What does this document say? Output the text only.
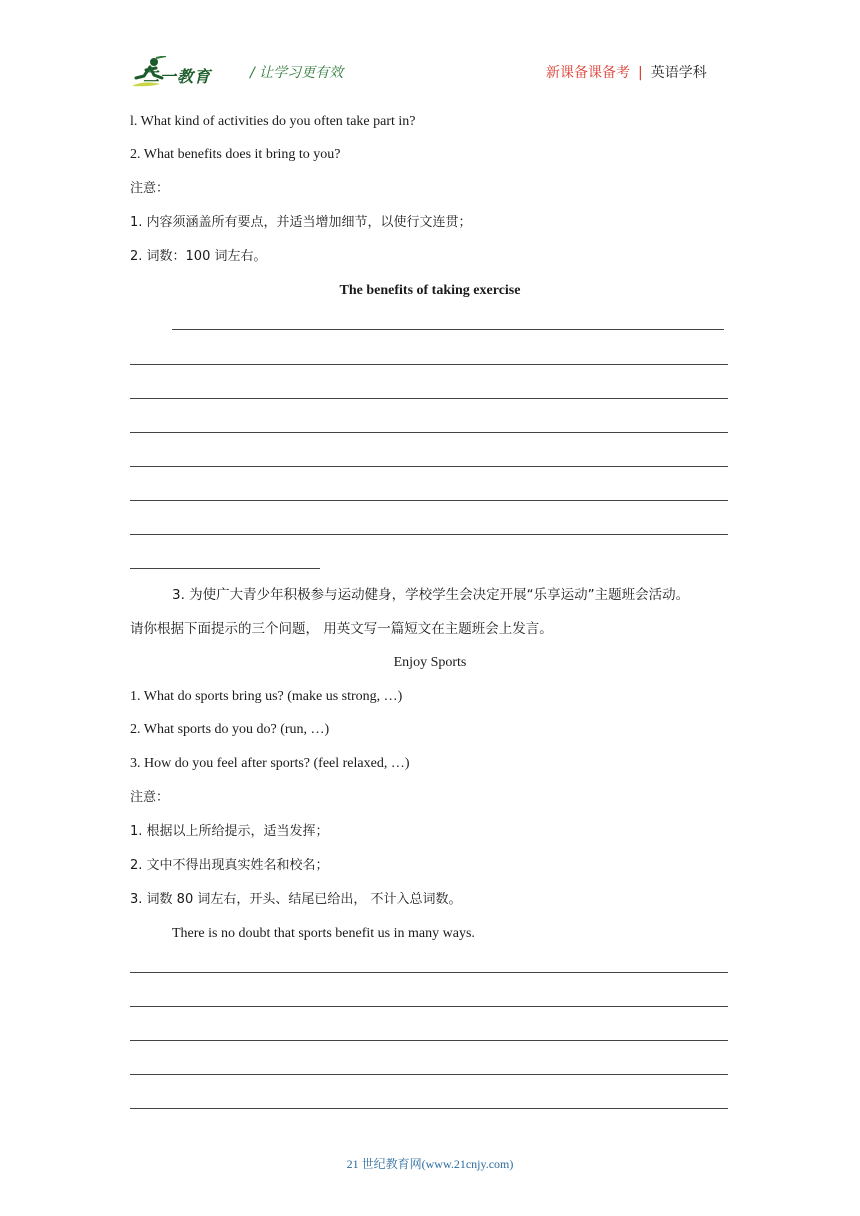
二一教育	/ 让学习更有效	新课备课备考 | 英语学科
l. What kind of activities do you often take part in?
2. What benefits does it bring to you?
注意：
1. 内容须涵盖所有要点，并适当增加细节，以使行文连贯；
2. 词数：100 词左右。
The benefits of taking exercise
3. 为使广大青少年积极参与运动健身，学校学生会决定开展“乐享运动”主题班会活动。
请你根据下面提示的三个问题， 用英文写一篇短文在主题班会上发言。
Enjoy Sports
1. What do sports bring us? (make us strong, …)
2. What sports do you do? (run, …)
3. How do you feel after sports? (feel relaxed, …)
注意：
1. 根据以上所给提示，适当发挥；
2. 文中不得出现真实姓名和校名；
3. 词数 80 词左右，开头、结尾已给出， 不计入总词数。
There is no doubt that sports benefit us in many ways.
21 世纪教育网(www.21cnjy.com)
